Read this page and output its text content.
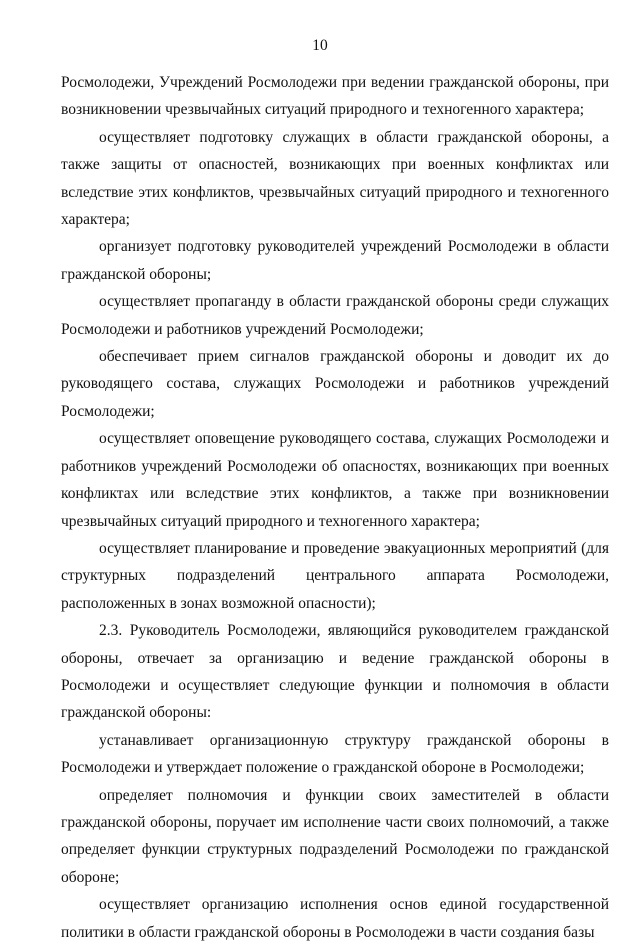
10

Росмолодежи, Учреждений Росмолодежи при ведении гражданской обороны, при возникновении чрезвычайных ситуаций природного и техногенного характера;

осуществляет подготовку служащих в области гражданской обороны, а также защиты от опасностей, возникающих при военных конфликтах или вследствие этих конфликтов, чрезвычайных ситуаций природного и техногенного характера;

организует подготовку руководителей учреждений Росмолодежи в области гражданской обороны;

осуществляет пропаганду в области гражданской обороны среди служащих Росмолодежи и работников учреждений Росмолодежи;

обеспечивает прием сигналов гражданской обороны и доводит их до руководящего состава, служащих Росмолодежи и работников учреждений Росмолодежи;

осуществляет оповещение руководящего состава, служащих Росмолодежи и работников учреждений Росмолодежи об опасностях, возникающих при военных конфликтах или вследствие этих конфликтов, а также при возникновении чрезвычайных ситуаций природного и техногенного характера;

осуществляет планирование и проведение эвакуационных мероприятий (для структурных подразделений центрального аппарата Росмолодежи, расположенных в зонах возможной опасности);

2.3. Руководитель Росмолодежи, являющийся руководителем гражданской обороны, отвечает за организацию и ведение гражданской обороны в Росмолодежи и осуществляет следующие функции и полномочия в области гражданской обороны:

устанавливает организационную структуру гражданской обороны в Росмолодежи и утверждает положение о гражданской обороне в Росмолодежи;

определяет полномочия и функции своих заместителей в области гражданской обороны, поручает им исполнение части своих полномочий, а также определяет функции структурных подразделений Росмолодежи по гражданской обороне;

осуществляет организацию исполнения основ единой государственной политики в области гражданской обороны в Росмолодежи в части создания базы
